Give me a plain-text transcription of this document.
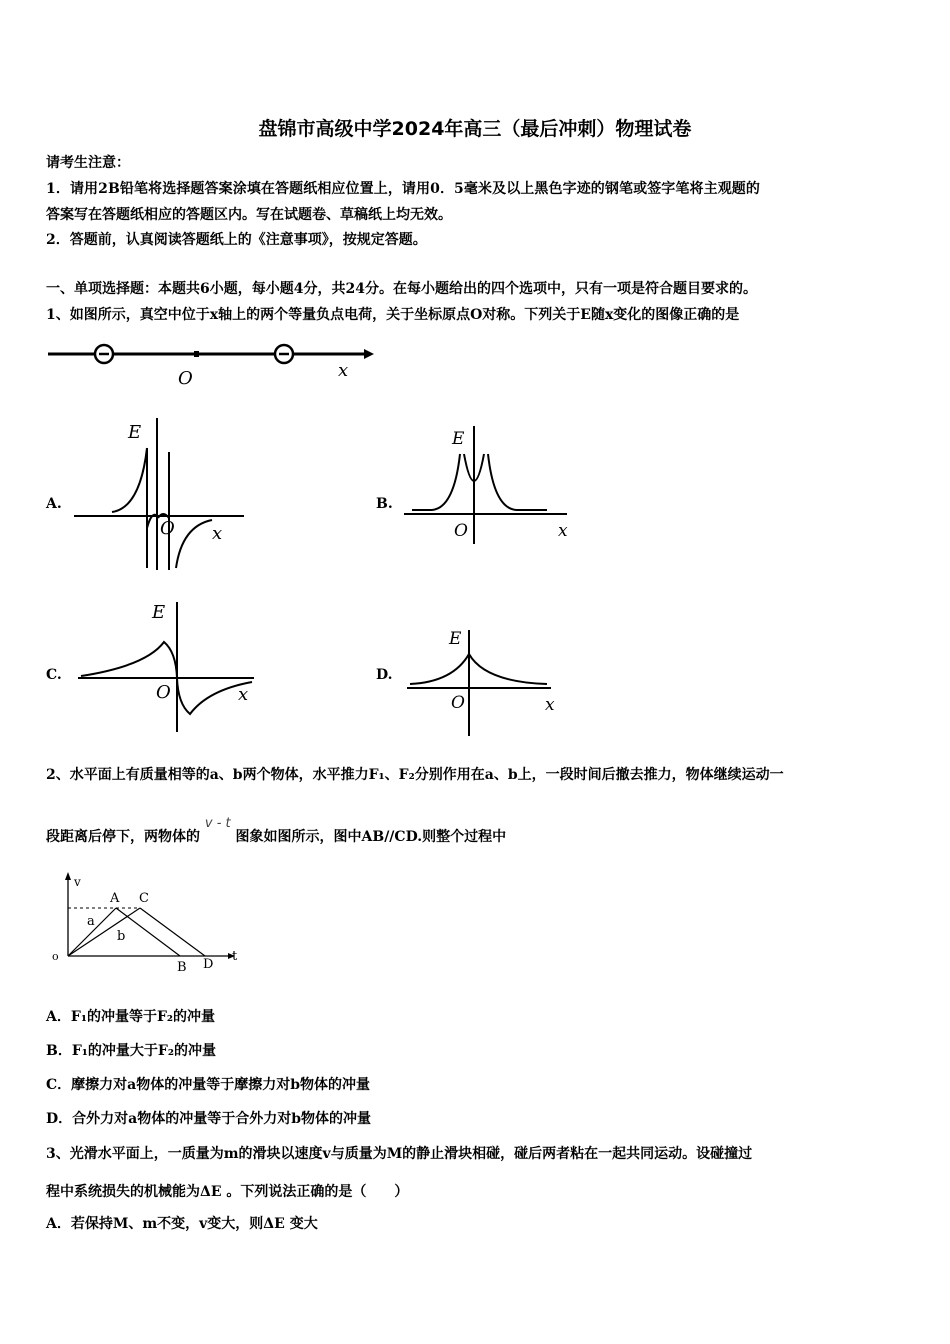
盘锦市高级中学2024年高三（最后冲刺）物理试卷
请考生注意：
1．请用2B铅笔将选择题答案涂填在答题纸相应位置上，请用0．5毫米及以上黑色字迹的钢笔或签字笔将主观题的
答案写在答题纸相应的答题区内。写在试题卷、草稿纸上均无效。
2．答题前，认真阅读答题纸上的《注意事项》，按规定答题。
一、单项选择题：本题共6小题，每小题4分，共24分。在每小题给出的四个选项中，只有一项是符合题目要求的。
1、如图所示，真空中位于x轴上的两个等量负点电荷，关于坐标原点O对称。下列关于E随x变化的图像正确的是
O	x
A.
E
O x
B.
E
O	x
C.
E
O	x
D.
E
O	x
2、水平面上有质量相等的a、b两个物体，水平推力F₁、F₂分别作用在a、b上，一段时间后撤去推力，物体继续运动一
段距离后停下，两物体的 v - t 图象如图所示，图中AB//CD.则整个过程中
v
t
o
A C
B D
a
b
A．F₁的冲量等于F₂的冲量
B．F₁的冲量大于F₂的冲量
C．摩擦力对a物体的冲量等于摩擦力对b物体的冲量
D．合外力对a物体的冲量等于合外力对b物体的冲量
3、光滑水平面上，一质量为m的滑块以速度v与质量为M的静止滑块相碰，碰后两者粘在一起共同运动。设碰撞过
程中系统损失的机械能为ΔE 。下列说法正确的是（　　）
A．若保持M、m不变，v变大，则ΔE 变大
